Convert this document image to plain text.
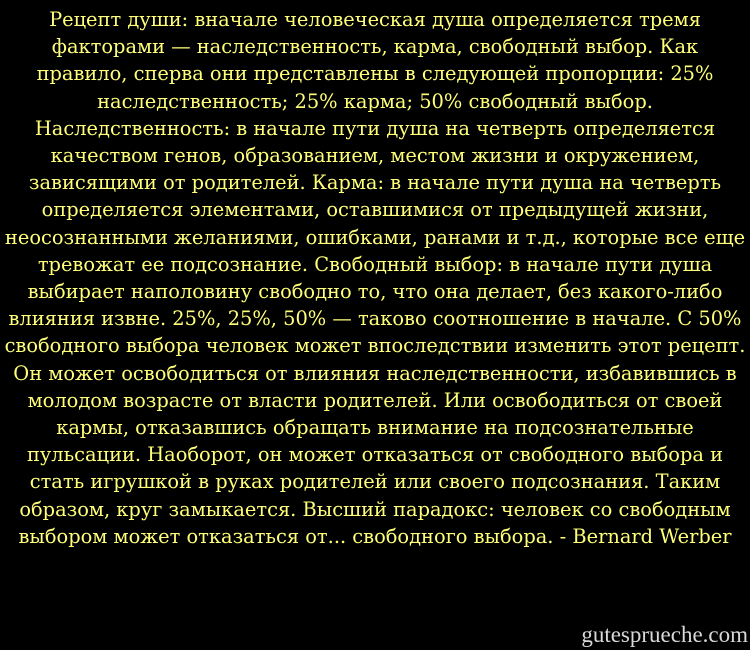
Рецепт души: вначале человеческая душа определяется тремя факторами — наследственность, карма, свободный выбор. Как правило, сперва они представлены в следующей пропорции: 25% наследственность; 25% карма; 50% свободный выбор. Наследственность: в начале пути душа на четверть определяется качеством генов, образованием, местом жизни и окружением, зависящими от родителей. Карма: в начале пути душа на четверть определяется элементами, оставшимися от предыдущей жизни, неосознанными желаниями, ошибками, ранами и т.д., которые все еще тревожат ее подсознание. Свободный выбор: в начале пути душа выбирает наполовину свободно то, что она делает, без какого-либо влияния извне. 25%, 25%, 50% — таково соотношение в начале. С 50% свободного выбора человек может впоследствии изменить этот рецепт. Он может освободиться от влияния наследственности, избавившись в молодом возрасте от власти родителей. Или освободиться от своей кармы, отказавшись обращать внимание на подсознательные пульсации. Наоборот, он может отказаться от свободного выбора и стать игрушкой в руках родителей или своего подсознания. Таким образом, круг замыкается. Высший парадокс: человек со свободным выбором может отказаться от... свободного выбора. - Bernard Werber

gutesprueche.com
